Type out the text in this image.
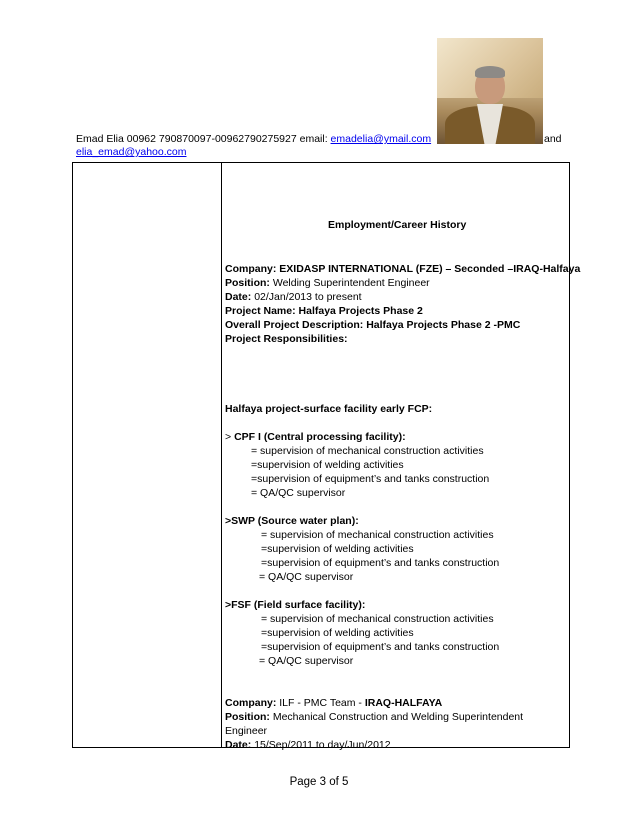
Emad Elia 00962 790870097-00962790275927 email: emadelia@ymail.com	and
elia_emad@yahoo.com
Employment/Career History
Company: EXIDASP INTERNATIONAL (FZE) – Seconded –IRAQ-Halfaya
Position: Welding Superintendent Engineer
Date: 02/Jan/2013 to present
Project Name: Halfaya Projects Phase 2
Overall Project Description: Halfaya Projects Phase 2 -PMC
Project Responsibilities:
Halfaya project-surface facility early FCP:
> CPF I (Central processing facility):
= supervision of mechanical construction activities
=supervision of welding activities
=supervision of equipment’s and tanks construction
= QA/QC supervisor
>SWP (Source water plan):
= supervision of mechanical construction activities
=supervision of welding activities
=supervision of equipment’s and tanks construction
= QA/QC supervisor
>FSF (Field surface facility):
= supervision of mechanical construction activities
=supervision of welding activities
=supervision of equipment’s and tanks construction
= QA/QC supervisor
Company: ILF - PMC Team - IRAQ-HALFAYA
Position: Mechanical Construction and Welding Superintendent
Engineer
Date: 15/Sep/2011 to day/Jun/2012
Page 3 of 5
